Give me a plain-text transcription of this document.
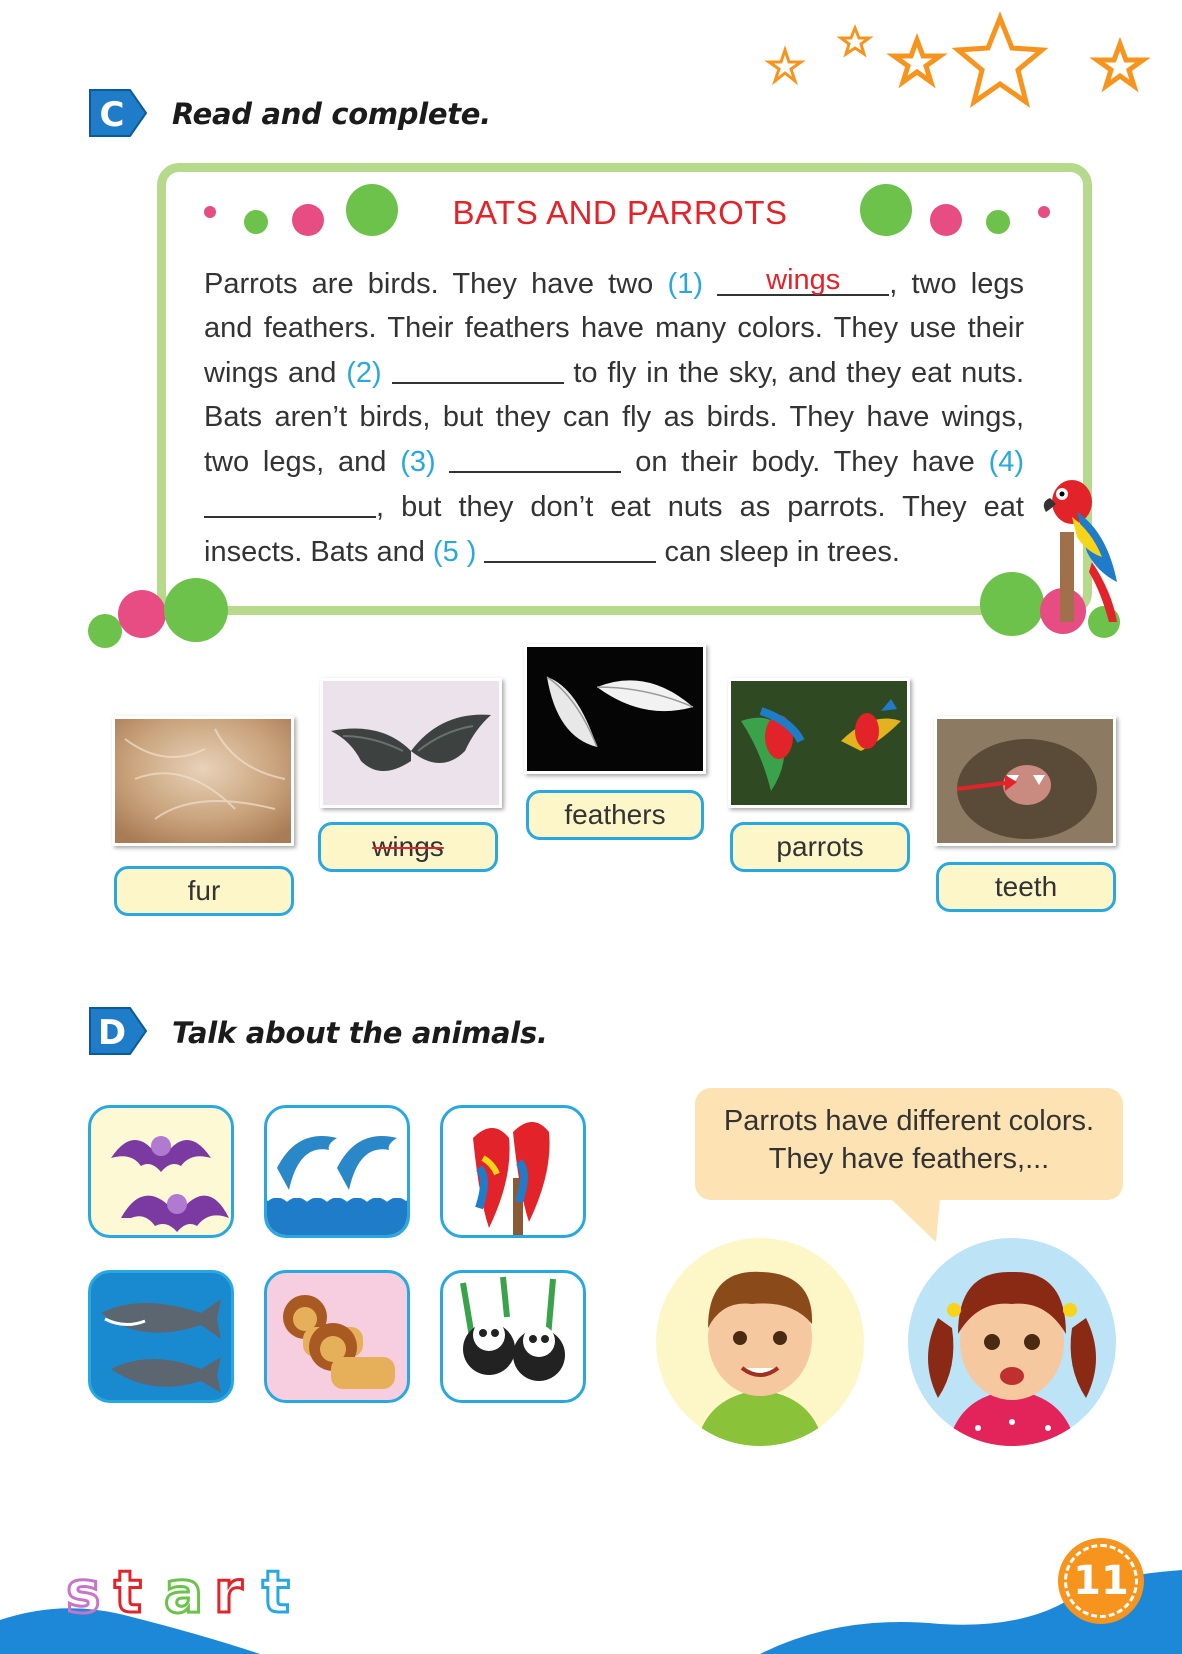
C Read and complete.
BATS AND PARROTS
Parrots are birds. They have two (1) wings , two legs and feathers. Their feathers have many colors. They use their wings and (2)	to fly in the sky, and they eat nuts. Bats aren’t birds, but they can fly as birds. They have wings, two legs, and (3)	on their body. They have (4) , but they don’t eat nuts as parrots. They eat insects. Bats and (5 )	can sleep in trees.
fur
wings
feathers
parrots
teeth
D Talk about the animals.
Parrots have different colors.
They have feathers,...
s t a r t	11
